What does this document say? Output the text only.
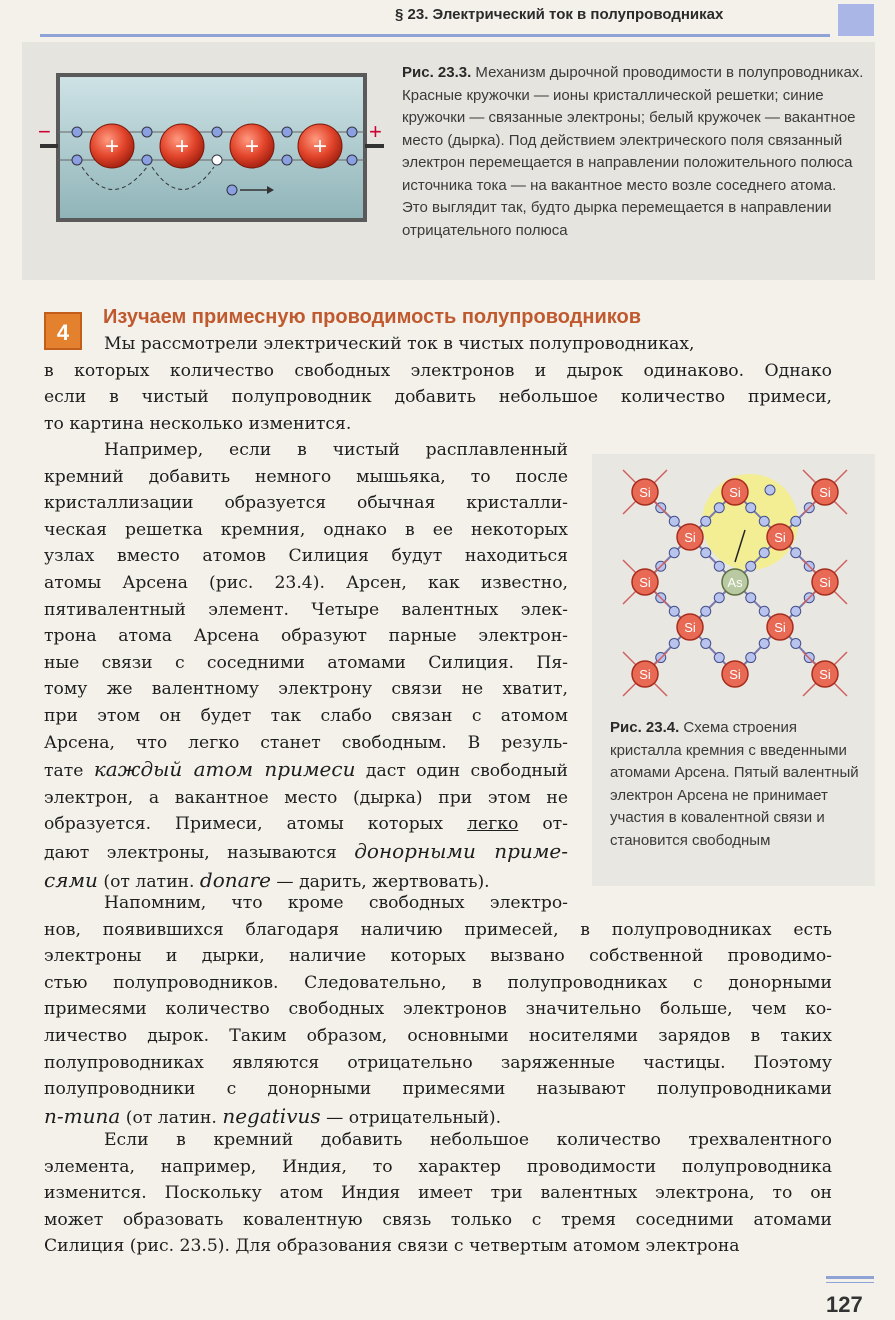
§ 23. Электрический ток в полупроводниках
−	+
+ + + +
Рис. 23.3. Механизм дырочной проводимости в полупроводниках. Красные кружочки — ионы кристаллической решетки; синие кружочки — связанные электроны; белый кружочек — вакантное место (дырка). Под действием электрического поля связанный электрон перемещается в направлении положительного полюса источника тока — на вакантное место возле соседнего атома. Это выглядит так, будто дырка перемещается в направлении отрицательного полюса
4
Изучаем примесную проводимость полупроводников
Мы рассмотрели электрический ток в чистых полупроводниках,
в которых количество свободных электронов и дырок одинаково. Однако
если в чистый полупроводник добавить небольшое количество примеси,
то картина несколько изменится.
Например, если в чистый расплавленный
кремний добавить немного мышьяка, то после
кристаллизации образуется обычная кристалли-
ческая решетка кремния, однако в ее некоторых
узлах вместо атомов Силиция будут находиться
атомы Арсена (рис. 23.4). Арсен, как известно,
пятивалентный элемент. Четыре валентных элек-
трона атома Арсена образуют парные электрон-
ные связи с соседними атомами Силиция. Пя-
тому же валентному электрону связи не хватит,
при этом он будет так слабо связан с атомом
Арсена, что легко станет свободным. В резуль-
тате каждый атом примеси даст один свободный
электрон, а вакантное место (дырка) при этом не
образуется. Примеси, атомы которых легко от-
дают электроны, называются донорными приме-
сями (от латин. donare — дарить, жертвовать).
Si	Si	Si
Si	Si
Si	As	Si
Si	Si
Si	Si	Si
Рис. 23.4. Схема строения кристалла кремния с введенными атомами Арсена. Пятый валентный электрон Арсена не принимает участия в ковалентной связи и становится свободным
Напомним, что кроме свободных электро-
нов, появившихся благодаря наличию примесей, в полупроводниках есть
электроны и дырки, наличие которых вызвано собственной проводимо-
стью полупроводников. Следовательно, в полупроводниках с донорными
примесями количество свободных электронов значительно больше, чем ко-
личество дырок. Таким образом, основными носителями зарядов в таких
полупроводниках являются отрицательно заряженные частицы. Поэтому
полупроводники с донорными примесями называют полупроводниками
n-типа (от латин. negativus — отрицательный).
Если в кремний добавить небольшое количество трехвалентного
элемента, например, Индия, то характер проводимости полупроводника
изменится. Поскольку атом Индия имеет три валентных электрона, то он
может образовать ковалентную связь только с тремя соседними атомами
Силиция (рис. 23.5). Для образования связи с четвертым атомом электрона
127
